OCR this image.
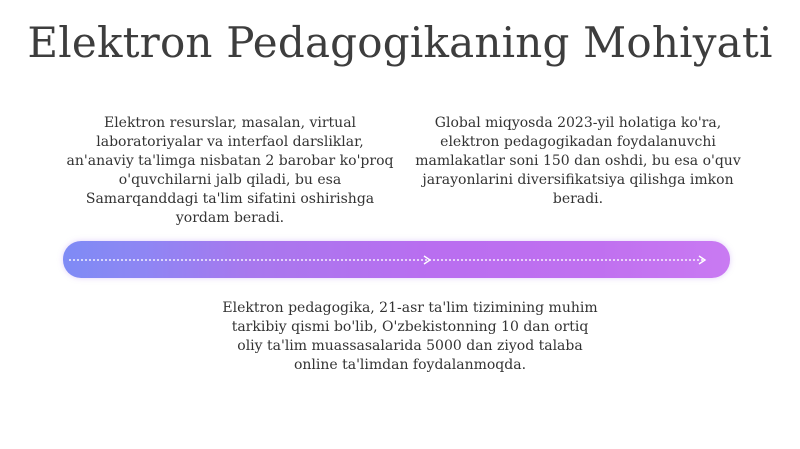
Elektron Pedagogikaning Mohiyati
Elektron resurslar, masalan, virtual laboratoriyalar va interfaol darsliklar, an'anaviy ta'limga nisbatan 2 barobar ko'proq o'quvchilarni jalb qiladi, bu esa Samarqanddagi ta'lim sifatini oshirishga yordam beradi.
Global miqyosda 2023-yil holatiga ko'ra, elektron pedagogikadan foydalanuvchi mamlakatlar soni 150 dan oshdi, bu esa o'quv jarayonlarini diversifikatsiya qilishga imkon beradi.
Elektron pedagogika, 21-asr ta'lim tizimining muhim tarkibiy qismi bo'lib, O'zbekistonning 10 dan ortiq oliy ta'lim muassasalarida 5000 dan ziyod talaba online ta'limdan foydalanmoqda.
